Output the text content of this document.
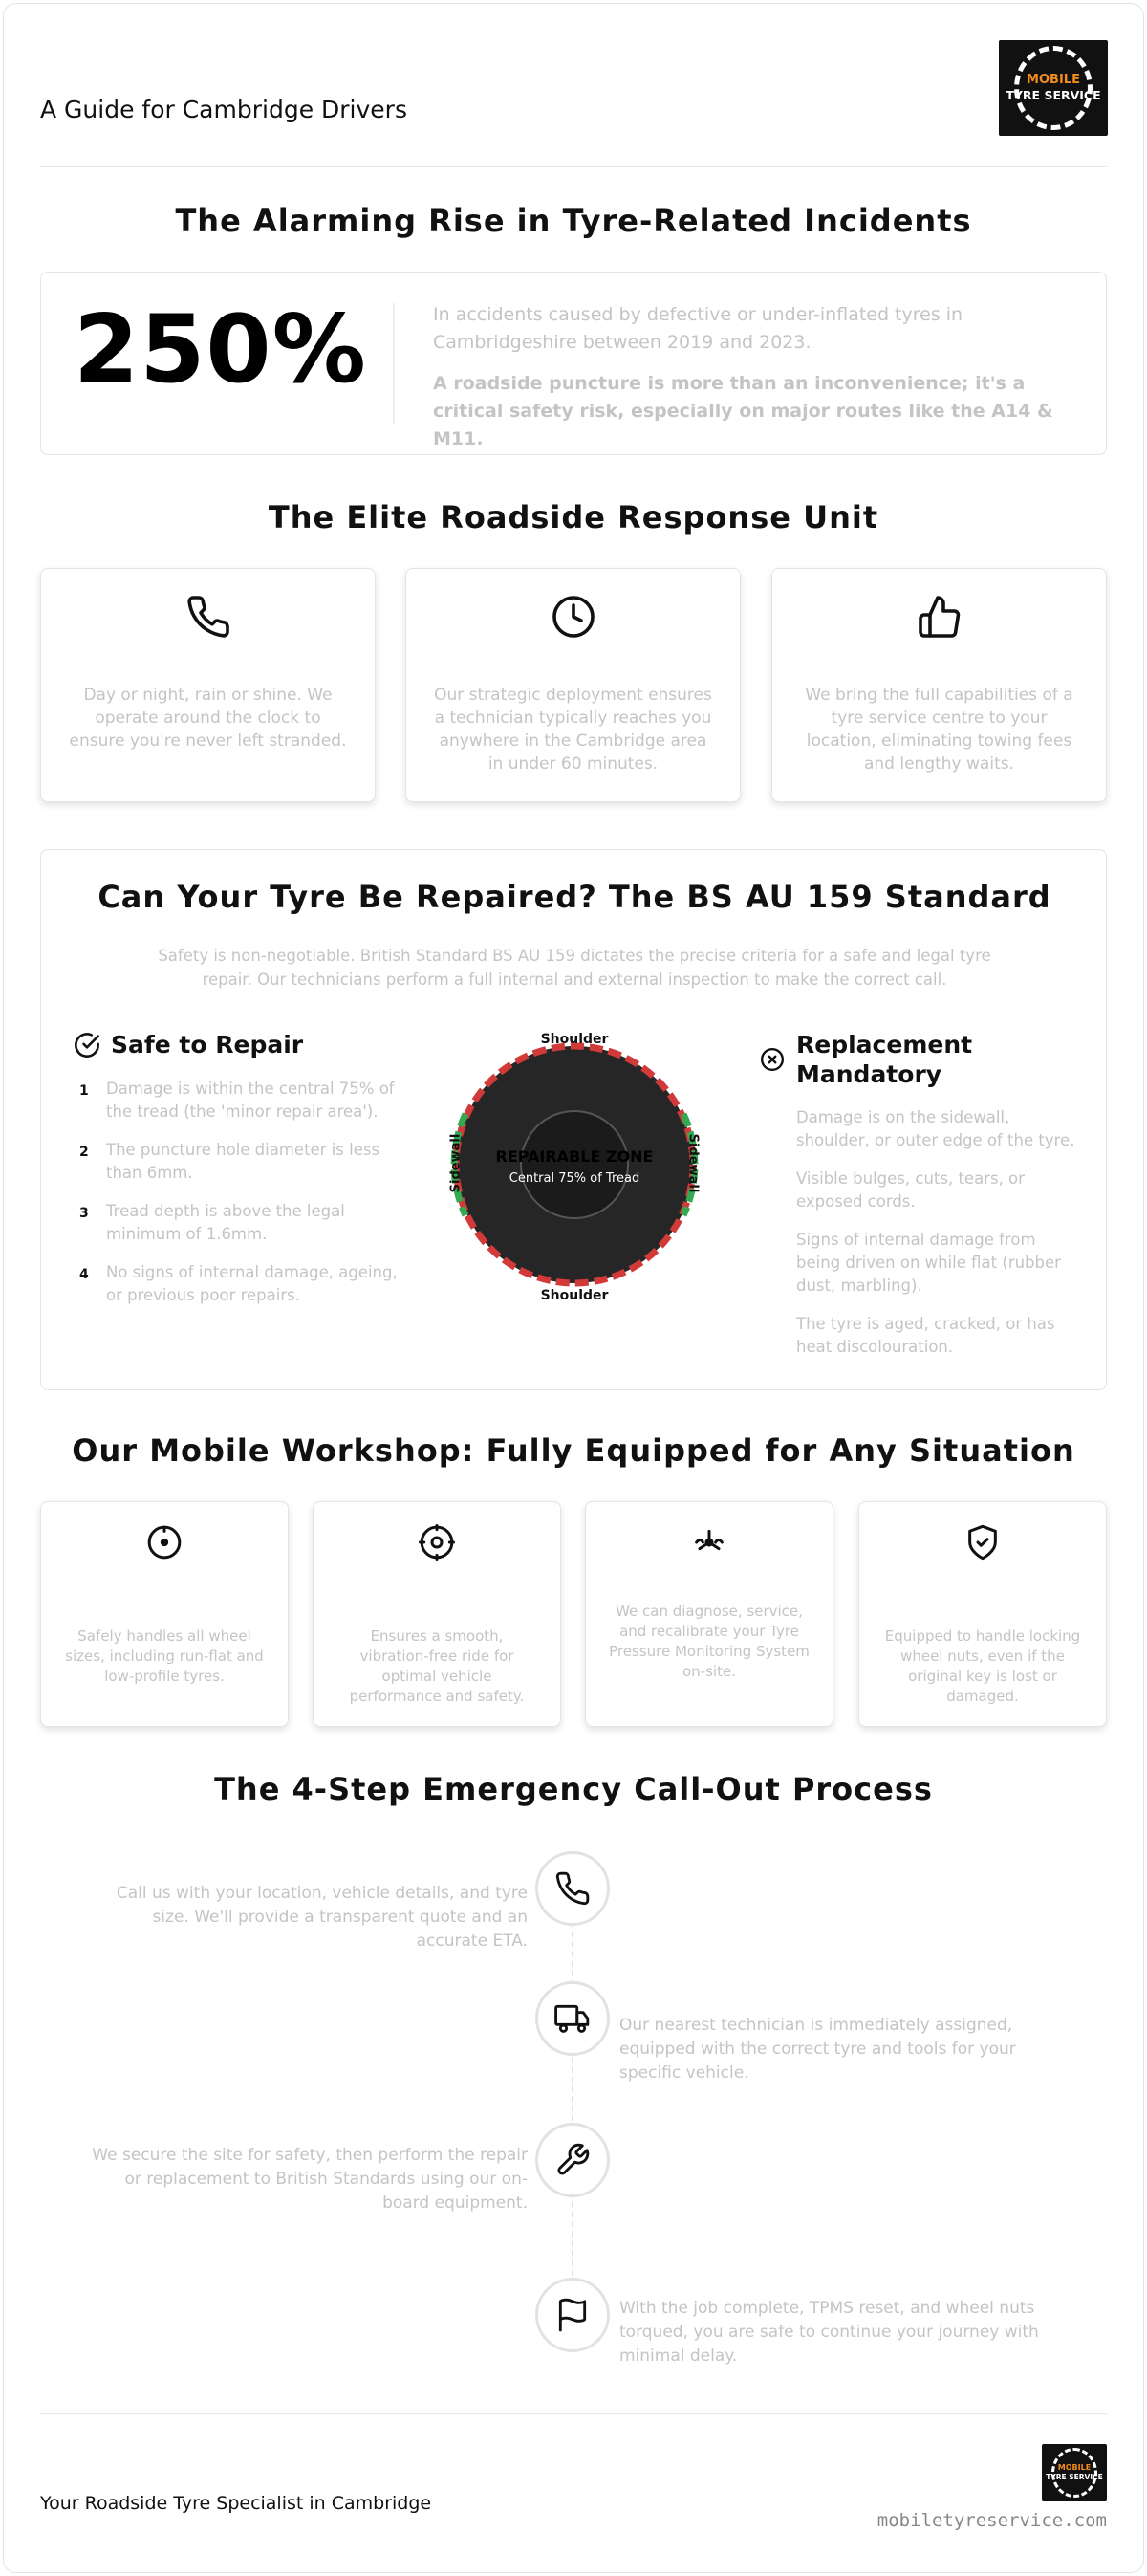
A Guide for Cambridge Drivers
MOBILE
TYRE SERVICE
The Alarming Rise in Tyre-Related Incidents
250%	In accidents caused by defective or under-inflated tyres in Cambridgeshire between 2019 and 2023.
A roadside puncture is more than an inconvenience; it's a critical safety risk, especially on major routes like the A14 & M11.
The Elite Roadside Response Unit
Day or night, rain or shine. We operate around the clock to ensure you're never left stranded.
Our strategic deployment ensures a technician typically reaches you anywhere in the Cambridge area in under 60 minutes.
We bring the full capabilities of a tyre service centre to your location, eliminating towing fees and lengthy waits.
Can Your Tyre Be Repaired? The BS AU 159 Standard
Safety is non-negotiable. British Standard BS AU 159 dictates the precise criteria for a safe and legal tyre repair. Our technicians perform a full internal and external inspection to make the correct call.
Safe to Repair
1 Damage is within the central 75% of the tread (the 'minor repair area').
2 The puncture hole diameter is less than 6mm.
3 Tread depth is above the legal minimum of 1.6mm.
4 No signs of internal damage, ageing, or previous poor repairs.
Shoulder
Shoulder
Sidewall	Sidewall
REPAIRABLE ZONE
Central 75% of Tread
Replacement
Mandatory
Damage is on the sidewall, shoulder, or outer edge of the tyre.
Visible bulges, cuts, tears, or exposed cords.
Signs of internal damage from being driven on while flat (rubber dust, marbling).
The tyre is aged, cracked, or has heat discolouration.
Our Mobile Workshop: Fully Equipped for Any Situation
Safely handles all wheel sizes, including run-flat and low-profile tyres.
Ensures a smooth, vibration-free ride for optimal vehicle performance and safety.
We can diagnose, service, and recalibrate your Tyre Pressure Monitoring System on-site.
Equipped to handle locking wheel nuts, even if the original key is lost or damaged.
The 4-Step Emergency Call-Out Process
Call us with your location, vehicle details, and tyre size. We'll provide a transparent quote and an accurate ETA.
Our nearest technician is immediately assigned, equipped with the correct tyre and tools for your specific vehicle.
We secure the site for safety, then perform the repair or replacement to British Standards using our on-board equipment.
With the job complete, TPMS reset, and wheel nuts torqued, you are safe to continue your journey with minimal delay.
MOBILE
TYRE SERVICE
Your Roadside Tyre Specialist in Cambridge
mobiletyreservice.com
